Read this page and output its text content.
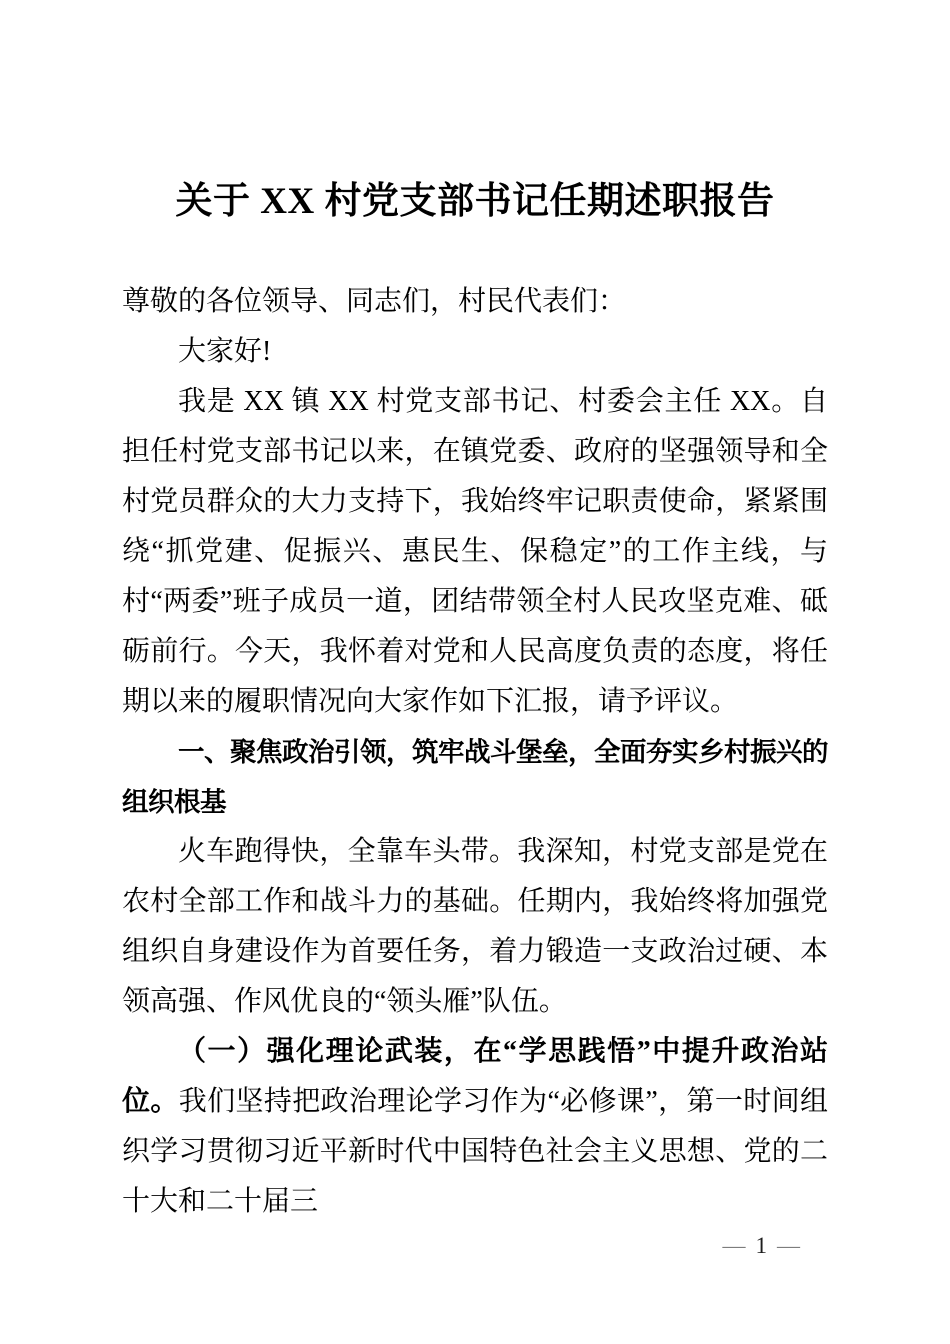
关于 XX 村党支部书记任期述职报告

尊敬的各位领导、同志们，村民代表们：

大家好!

我是 XX 镇 XX 村党支部书记、村委会主任 XX。自担任村党支部书记以来，在镇党委、政府的坚强领导和全村党员群众的大力支持下，我始终牢记职责使命，紧紧围绕“抓党建、促振兴、惠民生、保稳定”的工作主线，与村“两委”班子成员一道，团结带领全村人民攻坚克难、砥砺前行。今天，我怀着对党和人民高度负责的态度，将任期以来的履职情况向大家作如下汇报，请予评议。

一、聚焦政治引领，筑牢战斗堡垒，全面夯实乡村振兴的组织根基

火车跑得快，全靠车头带。我深知，村党支部是党在农村全部工作和战斗力的基础。任期内，我始终将加强党组织自身建设作为首要任务，着力锻造一支政治过硬、本领高强、作风优良的“领头雁”队伍。

（一）强化理论武装，在“学思践悟”中提升政治站位。我们坚持把政治理论学习作为“必修课”，第一时间组织学习贯彻习近平新时代中国特色社会主义思想、党的二十大和二十届三

— 1 —
